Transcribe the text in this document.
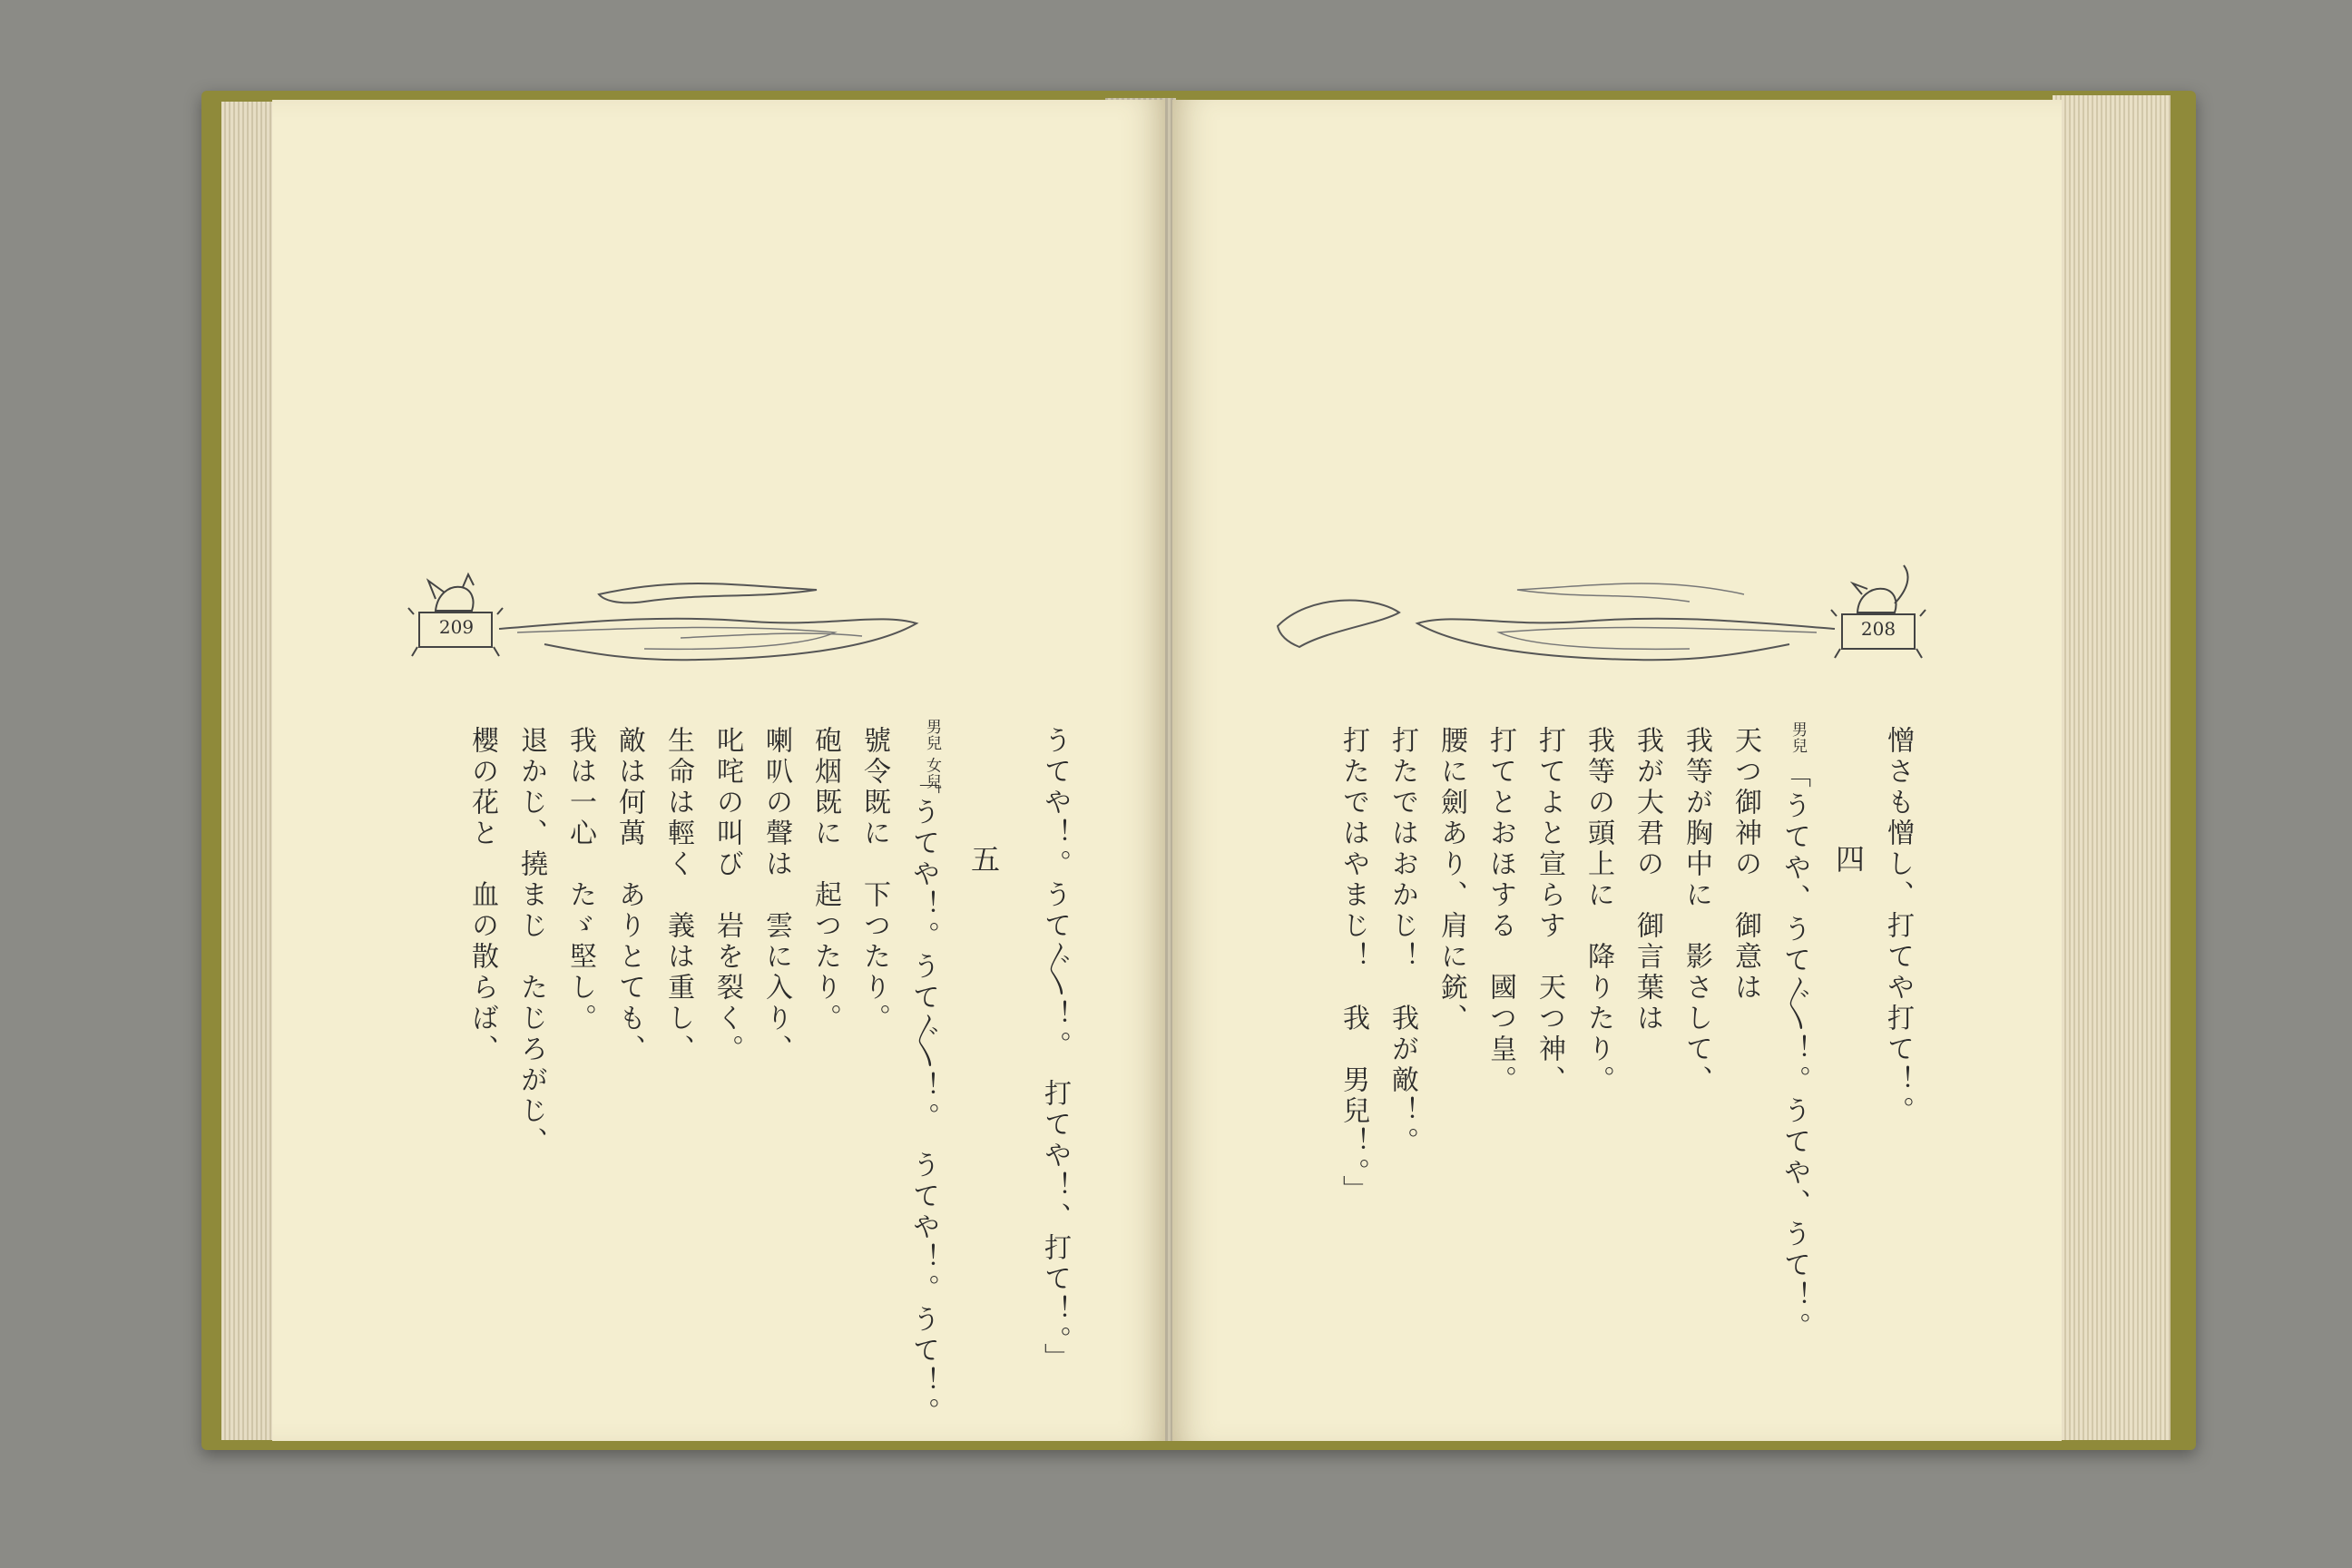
209
うてや！。うて〲！。　打てや！、打て！。」
五
男兒 女兒
「うてや！。うて〲！。　うてや！。うて！。
號令既に　下つたり。
砲烟既に　起つたり。
喇叭の聲は　雲に入り、
叱咤の叫び　岩を裂く。
生命は輕く　義は重し、
敵は何萬　ありとても、
我は一心　たゞ堅し。
退かじ、撓まじ　たじろがじ、
櫻の花と　血の散らば、
208
憎さも憎し、打てや打て！。
四
男兒
「うてや、うて〲！。うてや、うて！。
天つ御神の　御意は
我等が胸中に　影さして、
我が大君の　御言葉は
我等の頭上に　降りたり。
打てよと宣らす　天つ神、
打てとおほする　國つ皇。
腰に劍あり、肩に銃、
打たではおかじ！　我が敵！。
打たではやまじ！　我　男兒！。」
